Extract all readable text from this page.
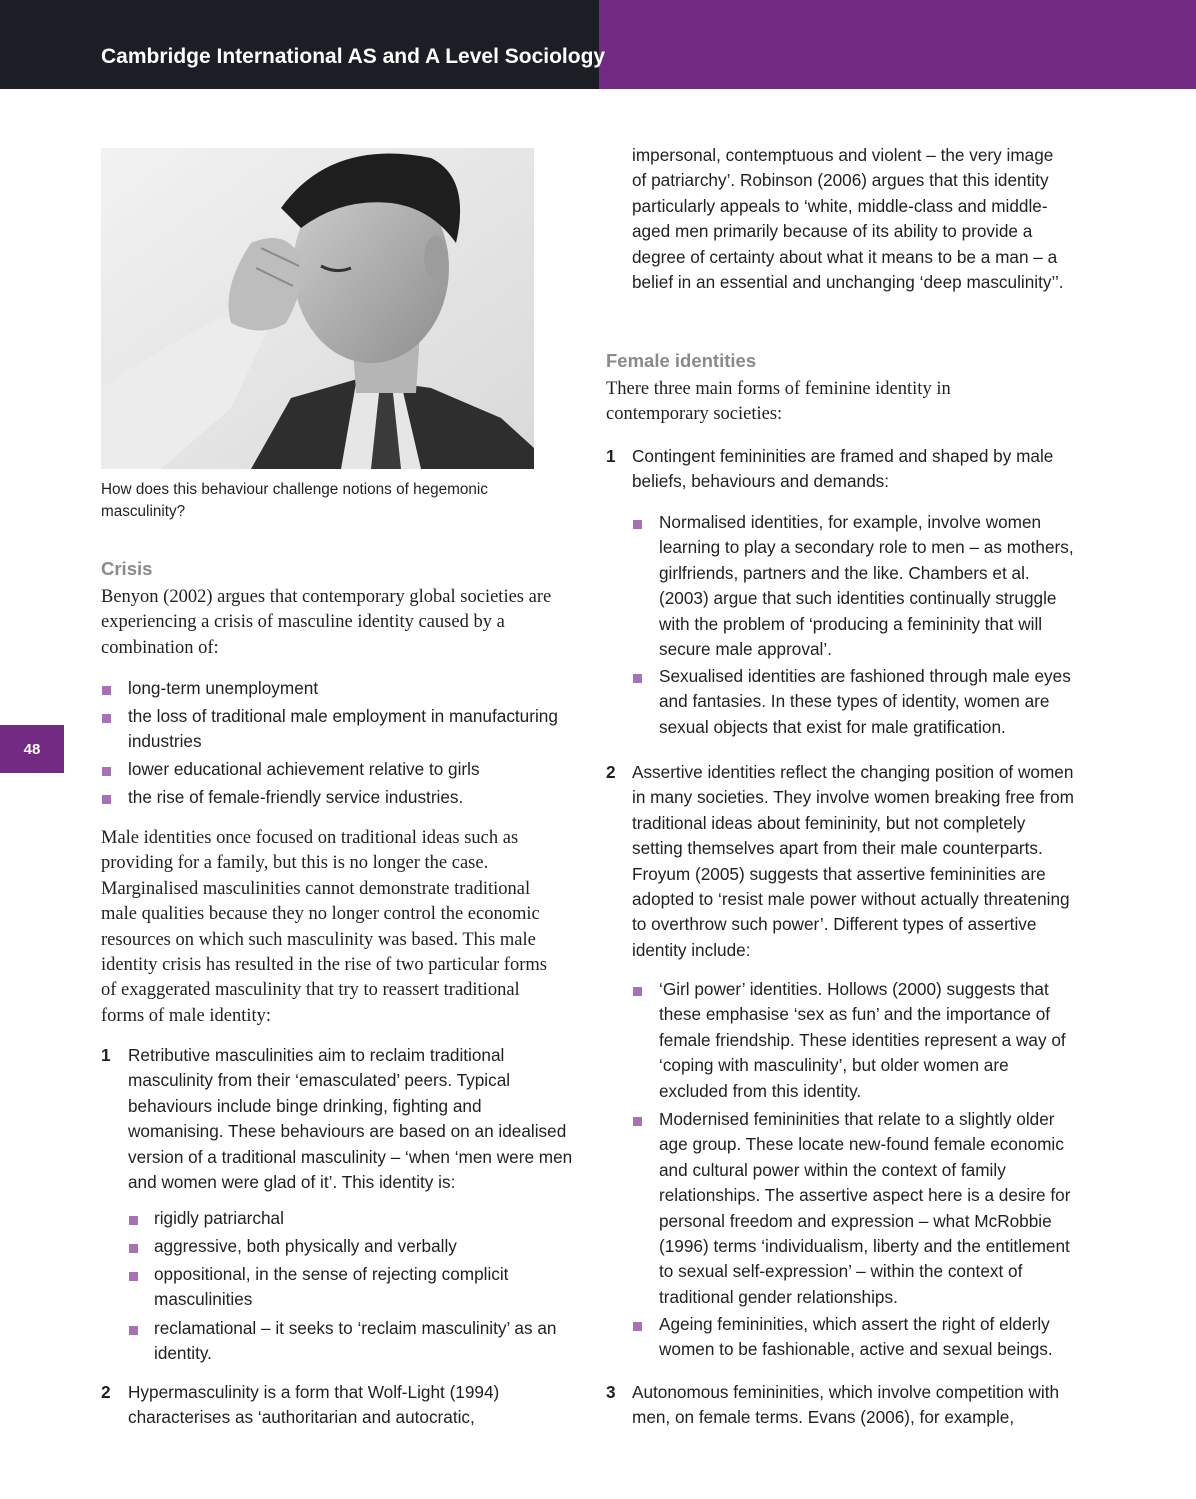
Cambridge International AS and A Level Sociology
48
How does this behaviour challenge notions of hegemonic masculinity?
Crisis
Benyon (2002) argues that contemporary global societies are experiencing a crisis of masculine identity caused by a combination of:
long-term unemployment
the loss of traditional male employment in manufacturing industries
lower educational achievement relative to girls
the rise of female-friendly service industries.
Male identities once focused on traditional ideas such as providing for a family, but this is no longer the case. Marginalised masculinities cannot demonstrate traditional male qualities because they no longer control the economic resources on which such masculinity was based. This male identity crisis has resulted in the rise of two particular forms of exaggerated masculinity that try to reassert traditional forms of male identity:
1 Retributive masculinities aim to reclaim traditional masculinity from their ‘emasculated’ peers. Typical behaviours include binge drinking, fighting and womanising. These behaviours are based on an idealised version of a traditional masculinity – ‘when ‘men were men and women were glad of it’. This identity is:
rigidly patriarchal
aggressive, both physically and verbally
oppositional, in the sense of rejecting complicit masculinities
reclamational – it seeks to ‘reclaim masculinity’ as an identity.
2 Hypermasculinity is a form that Wolf-Light (1994) characterises as ‘authoritarian and autocratic,
impersonal, contemptuous and violent – the very image of patriarchy’. Robinson (2006) argues that this identity particularly appeals to ‘white, middle-class and middle-aged men primarily because of its ability to provide a degree of certainty about what it means to be a man – a belief in an essential and unchanging ‘deep masculinity’’.
Female identities
There three main forms of feminine identity in contemporary societies:
1 Contingent femininities are framed and shaped by male beliefs, behaviours and demands:
Normalised identities, for example, involve women learning to play a secondary role to men – as mothers, girlfriends, partners and the like. Chambers et al. (2003) argue that such identities continually struggle with the problem of ‘producing a femininity that will secure male approval’.
Sexualised identities are fashioned through male eyes and fantasies. In these types of identity, women are sexual objects that exist for male gratification.
2 Assertive identities reflect the changing position of women in many societies. They involve women breaking free from traditional ideas about femininity, but not completely setting themselves apart from their male counterparts. Froyum (2005) suggests that assertive femininities are adopted to ‘resist male power without actually threatening to overthrow such power’. Different types of assertive identity include:
‘Girl power’ identities. Hollows (2000) suggests that these emphasise ‘sex as fun’ and the importance of female friendship. These identities represent a way of ‘coping with masculinity’, but older women are excluded from this identity.
Modernised femininities that relate to a slightly older age group. These locate new-found female economic and cultural power within the context of family relationships. The assertive aspect here is a desire for personal freedom and expression – what McRobbie (1996) terms ‘individualism, liberty and the entitlement to sexual self-expression’ – within the context of traditional gender relationships.
Ageing femininities, which assert the right of elderly women to be fashionable, active and sexual beings.
3 Autonomous femininities, which involve competition with men, on female terms. Evans (2006), for example,
